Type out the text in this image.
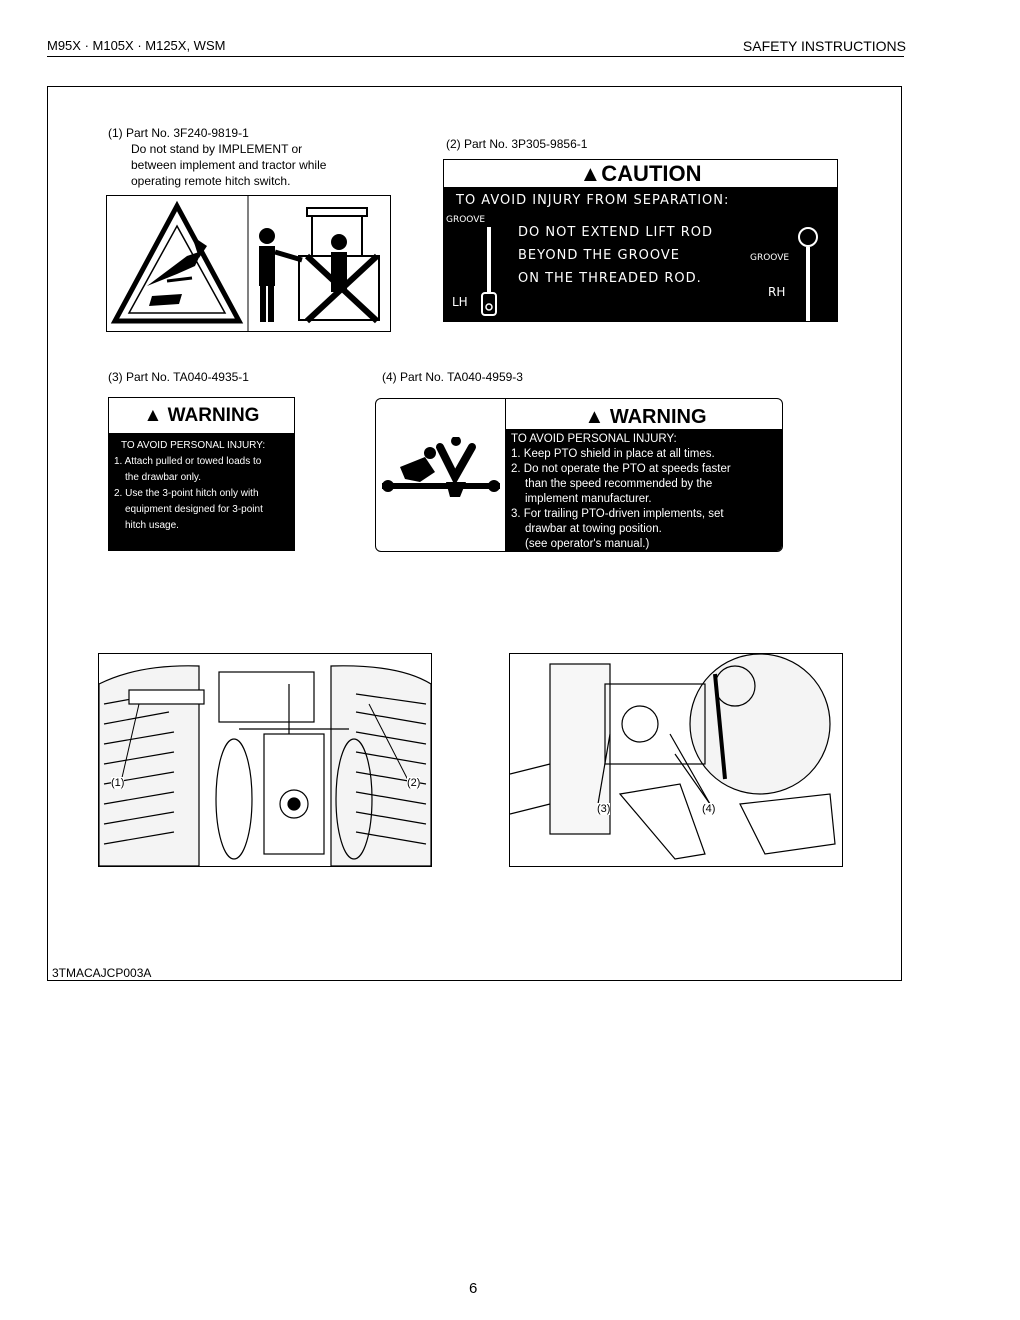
M95X · M105X · M125X, WSM	SAFETY INSTRUCTIONS
(1) Part No. 3F240-9819-1
Do not stand by IMPLEMENT or
between implement and tractor while
operating remote hitch switch.
(2) Part No. 3P305-9856-1
▲CAUTION
TO AVOID INJURY FROM SEPARATION:
GROOVE
DO NOT EXTEND LIFT ROD
BEYOND THE GROOVE
ON THE THREADED ROD.
GROOVE
LH
RH
(3) Part No. TA040-4935-1
▲ WARNING
TO AVOID PERSONAL INJURY:
1. Attach pulled or towed loads to
the drawbar only.
2. Use the 3-point hitch only with
equipment designed for 3-point
hitch usage.
(4) Part No. TA040-4959-3
▲ WARNING
TO AVOID PERSONAL INJURY:
1. Keep PTO shield in place at all times.
2. Do not operate the PTO at speeds faster
than the speed recommended by the
implement manufacturer.
3. For trailing PTO-driven implements, set
drawbar at towing position.
(see operator's manual.)
(1)	(2)
(3)	(4)
3TMACAJCP003A
6
